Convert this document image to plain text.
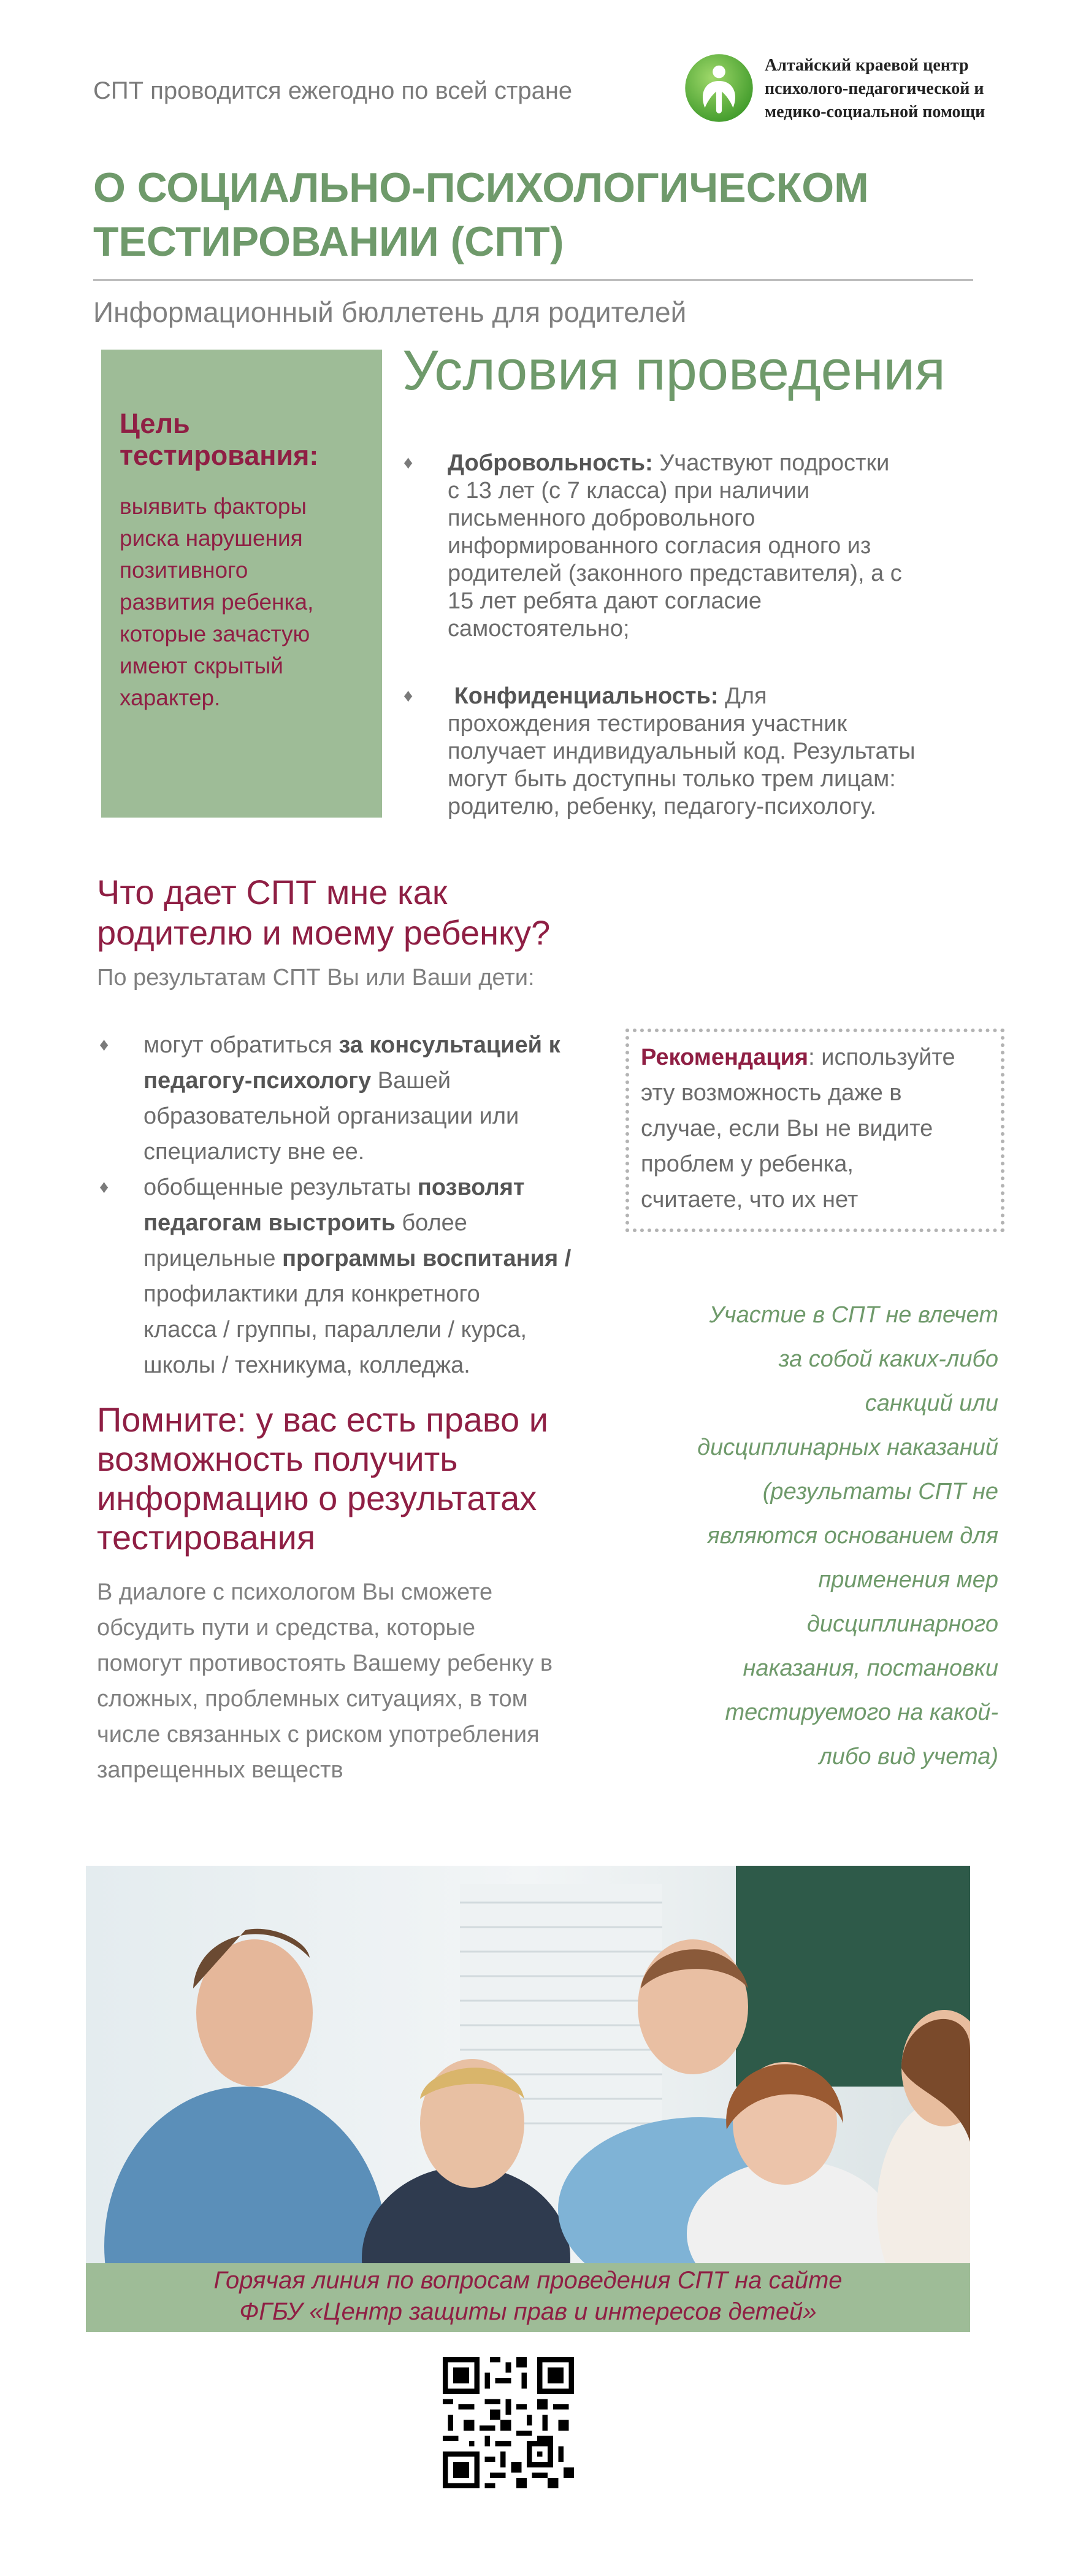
СПТ проводится ежегодно по всей стране
Алтайский краевой центр
психолого-педагогической и
медико-социальной помощи
О СОЦИАЛЬНО-ПСИХОЛОГИЧЕСКОМ
ТЕСТИРОВАНИИ (СПТ)
Информационный бюллетень для родителей
Цель
тестирования:
выявить факторы
риска нарушения
позитивного
развития ребенка,
которые зачастую
имеют скрытый
характер.
Условия проведения
♦ Добровольность: Участвуют подростки
с 13 лет (с 7 класса) при наличии
письменного добровольного
информированного согласия одного из
родителей (законного представителя), а с
15 лет ребята дают согласие
самостоятельно;
♦ Конфиденциальность: Для
прохождения тестирования участник
получает индивидуальный код. Результаты
могут быть доступны только трем лицам:
родителю, ребенку, педагогу-психологу.
Что дает СПТ мне как
родителю и моему ребенку?
По результатам СПТ Вы или Ваши дети:
♦ могут обратиться за консультацией к
педагогу-психологу Вашей
образовательной организации или
специалисту вне ее.
♦ обобщенные результаты позволят
педагогам выстроить более
прицельные программы воспитания /
профилактики для конкретного
класса / группы, параллели / курса,
школы / техникума, колледжа.
Рекомендация: используйте
эту возможность даже в
случае, если Вы не видите
проблем у ребенка,
считаете, что их нет
Участие в СПТ не влечет
за собой каких-либо
санкций или
дисциплинарных наказаний
(результаты СПТ не
являются основанием для
применения мер
дисциплинарного
наказания, постановки
тестируемого на какой-
либо вид учета)
Помните: у вас есть право и
возможность получить
информацию о результатах
тестирования
В диалоге с психологом Вы сможете
обсудить пути и средства, которые
помогут противостоять Вашему ребенку в
сложных, проблемных ситуациях, в том
числе связанных с риском употребления
запрещенных веществ
Горячая линия по вопросам проведения СПТ на сайте
ФГБУ «Центр защиты прав и интересов детей»
